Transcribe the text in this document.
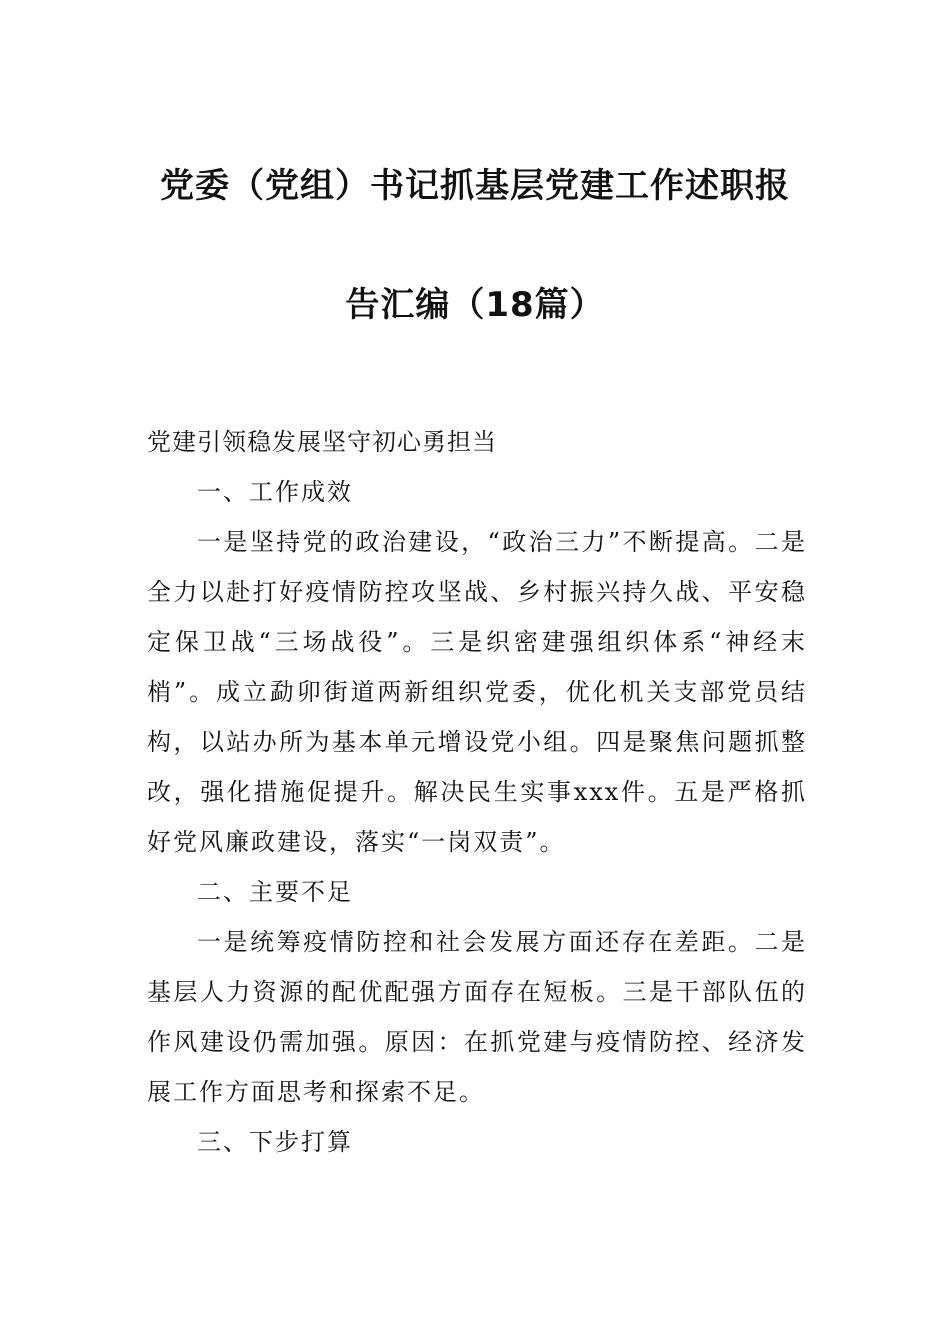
党委（党组）书记抓基层党建工作述职报
告汇编（18篇）

党建引领稳发展坚守初心勇担当

一、工作成效

一是坚持党的政治建设，“政治三力”不断提高。二是全力以赴打好疫情防控攻坚战、乡村振兴持久战、平安稳定保卫战“三场战役”。三是织密建强组织体系“神经末梢”。成立勐卯街道两新组织党委，优化机关支部党员结构，以站办所为基本单元增设党小组。四是聚焦问题抓整改，强化措施促提升。解决民生实事xxx件。五是严格抓好党风廉政建设，落实“一岗双责”。

二、主要不足

一是统筹疫情防控和社会发展方面还存在差距。二是基层人力资源的配优配强方面存在短板。三是干部队伍的作风建设仍需加强。原因：在抓党建与疫情防控、经济发展工作方面思考和探索不足。

三、下步打算
